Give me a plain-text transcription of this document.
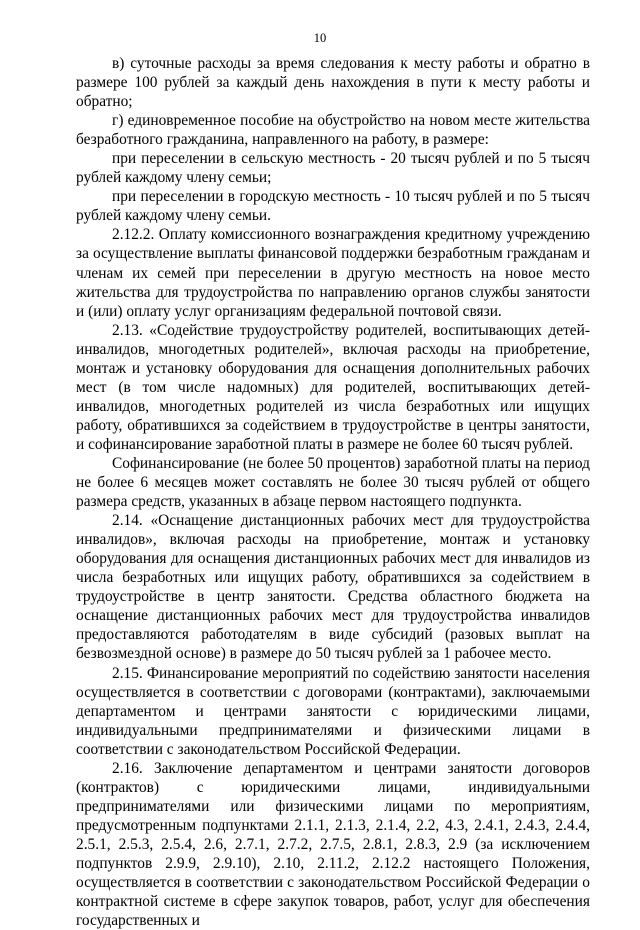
10

в) суточные расходы за время следования к месту работы и обратно в размере 100 рублей за каждый день нахождения в пути к месту работы и обратно;

г) единовременное пособие на обустройство на новом месте жительства безработного гражданина, направленного на работу, в размере:

при переселении в сельскую местность - 20 тысяч рублей и по 5 тысяч рублей каждому члену семьи;

при переселении в городскую местность - 10 тысяч рублей и по 5 тысяч рублей каждому члену семьи.

2.12.2. Оплату комиссионного вознаграждения кредитному учреждению за осуществление выплаты финансовой поддержки безработным гражданам и членам их семей при переселении в другую местность на новое место жительства для трудоустройства по направлению органов службы занятости и (или) оплату услуг организациям федеральной почтовой связи.

2.13. «Содействие трудоустройству родителей, воспитывающих детей-инвалидов, многодетных родителей», включая расходы на приобретение, монтаж и установку оборудования для оснащения дополнительных рабочих мест (в том числе надомных) для родителей, воспитывающих детей-инвалидов, многодетных родителей из числа безработных или ищущих работу, обратившихся за содействием в трудоустройстве в центры занятости, и софинансирование заработной платы в размере не более 60 тысяч рублей.

Софинансирование (не более 50 процентов) заработной платы на период не более 6 месяцев может составлять не более 30 тысяч рублей от общего размера средств, указанных в абзаце первом настоящего подпункта.

2.14. «Оснащение дистанционных рабочих мест для трудоустройства инвалидов», включая расходы на приобретение, монтаж и установку оборудования для оснащения дистанционных рабочих мест для инвалидов из числа безработных или ищущих работу, обратившихся за содействием в трудоустройстве в центр занятости. Средства областного бюджета на оснащение дистанционных рабочих мест для трудоустройства инвалидов предоставляются работодателям в виде субсидий (разовых выплат на безвозмездной основе) в размере до 50 тысяч рублей за 1 рабочее место.

2.15. Финансирование мероприятий по содействию занятости населения осуществляется в соответствии с договорами (контрактами), заключаемыми департаментом и центрами занятости с юридическими лицами, индивидуальными предпринимателями и физическими лицами в соответствии с законодательством Российской Федерации.

2.16. Заключение департаментом и центрами занятости договоров (контрактов) с юридическими лицами, индивидуальными предпринимателями или физическими лицами по мероприятиям, предусмотренным подпунктами 2.1.1, 2.1.3, 2.1.4, 2.2, 4.3, 2.4.1, 2.4.3, 2.4.4, 2.5.1, 2.5.3, 2.5.4, 2.6, 2.7.1, 2.7.2, 2.7.5, 2.8.1, 2.8.3, 2.9 (за исключением подпунктов 2.9.9, 2.9.10), 2.10, 2.11.2, 2.12.2 настоящего Положения, осуществляется в соответствии с законодательством Российской Федерации о контрактной системе в сфере закупок товаров, работ, услуг для обеспечения государственных и
